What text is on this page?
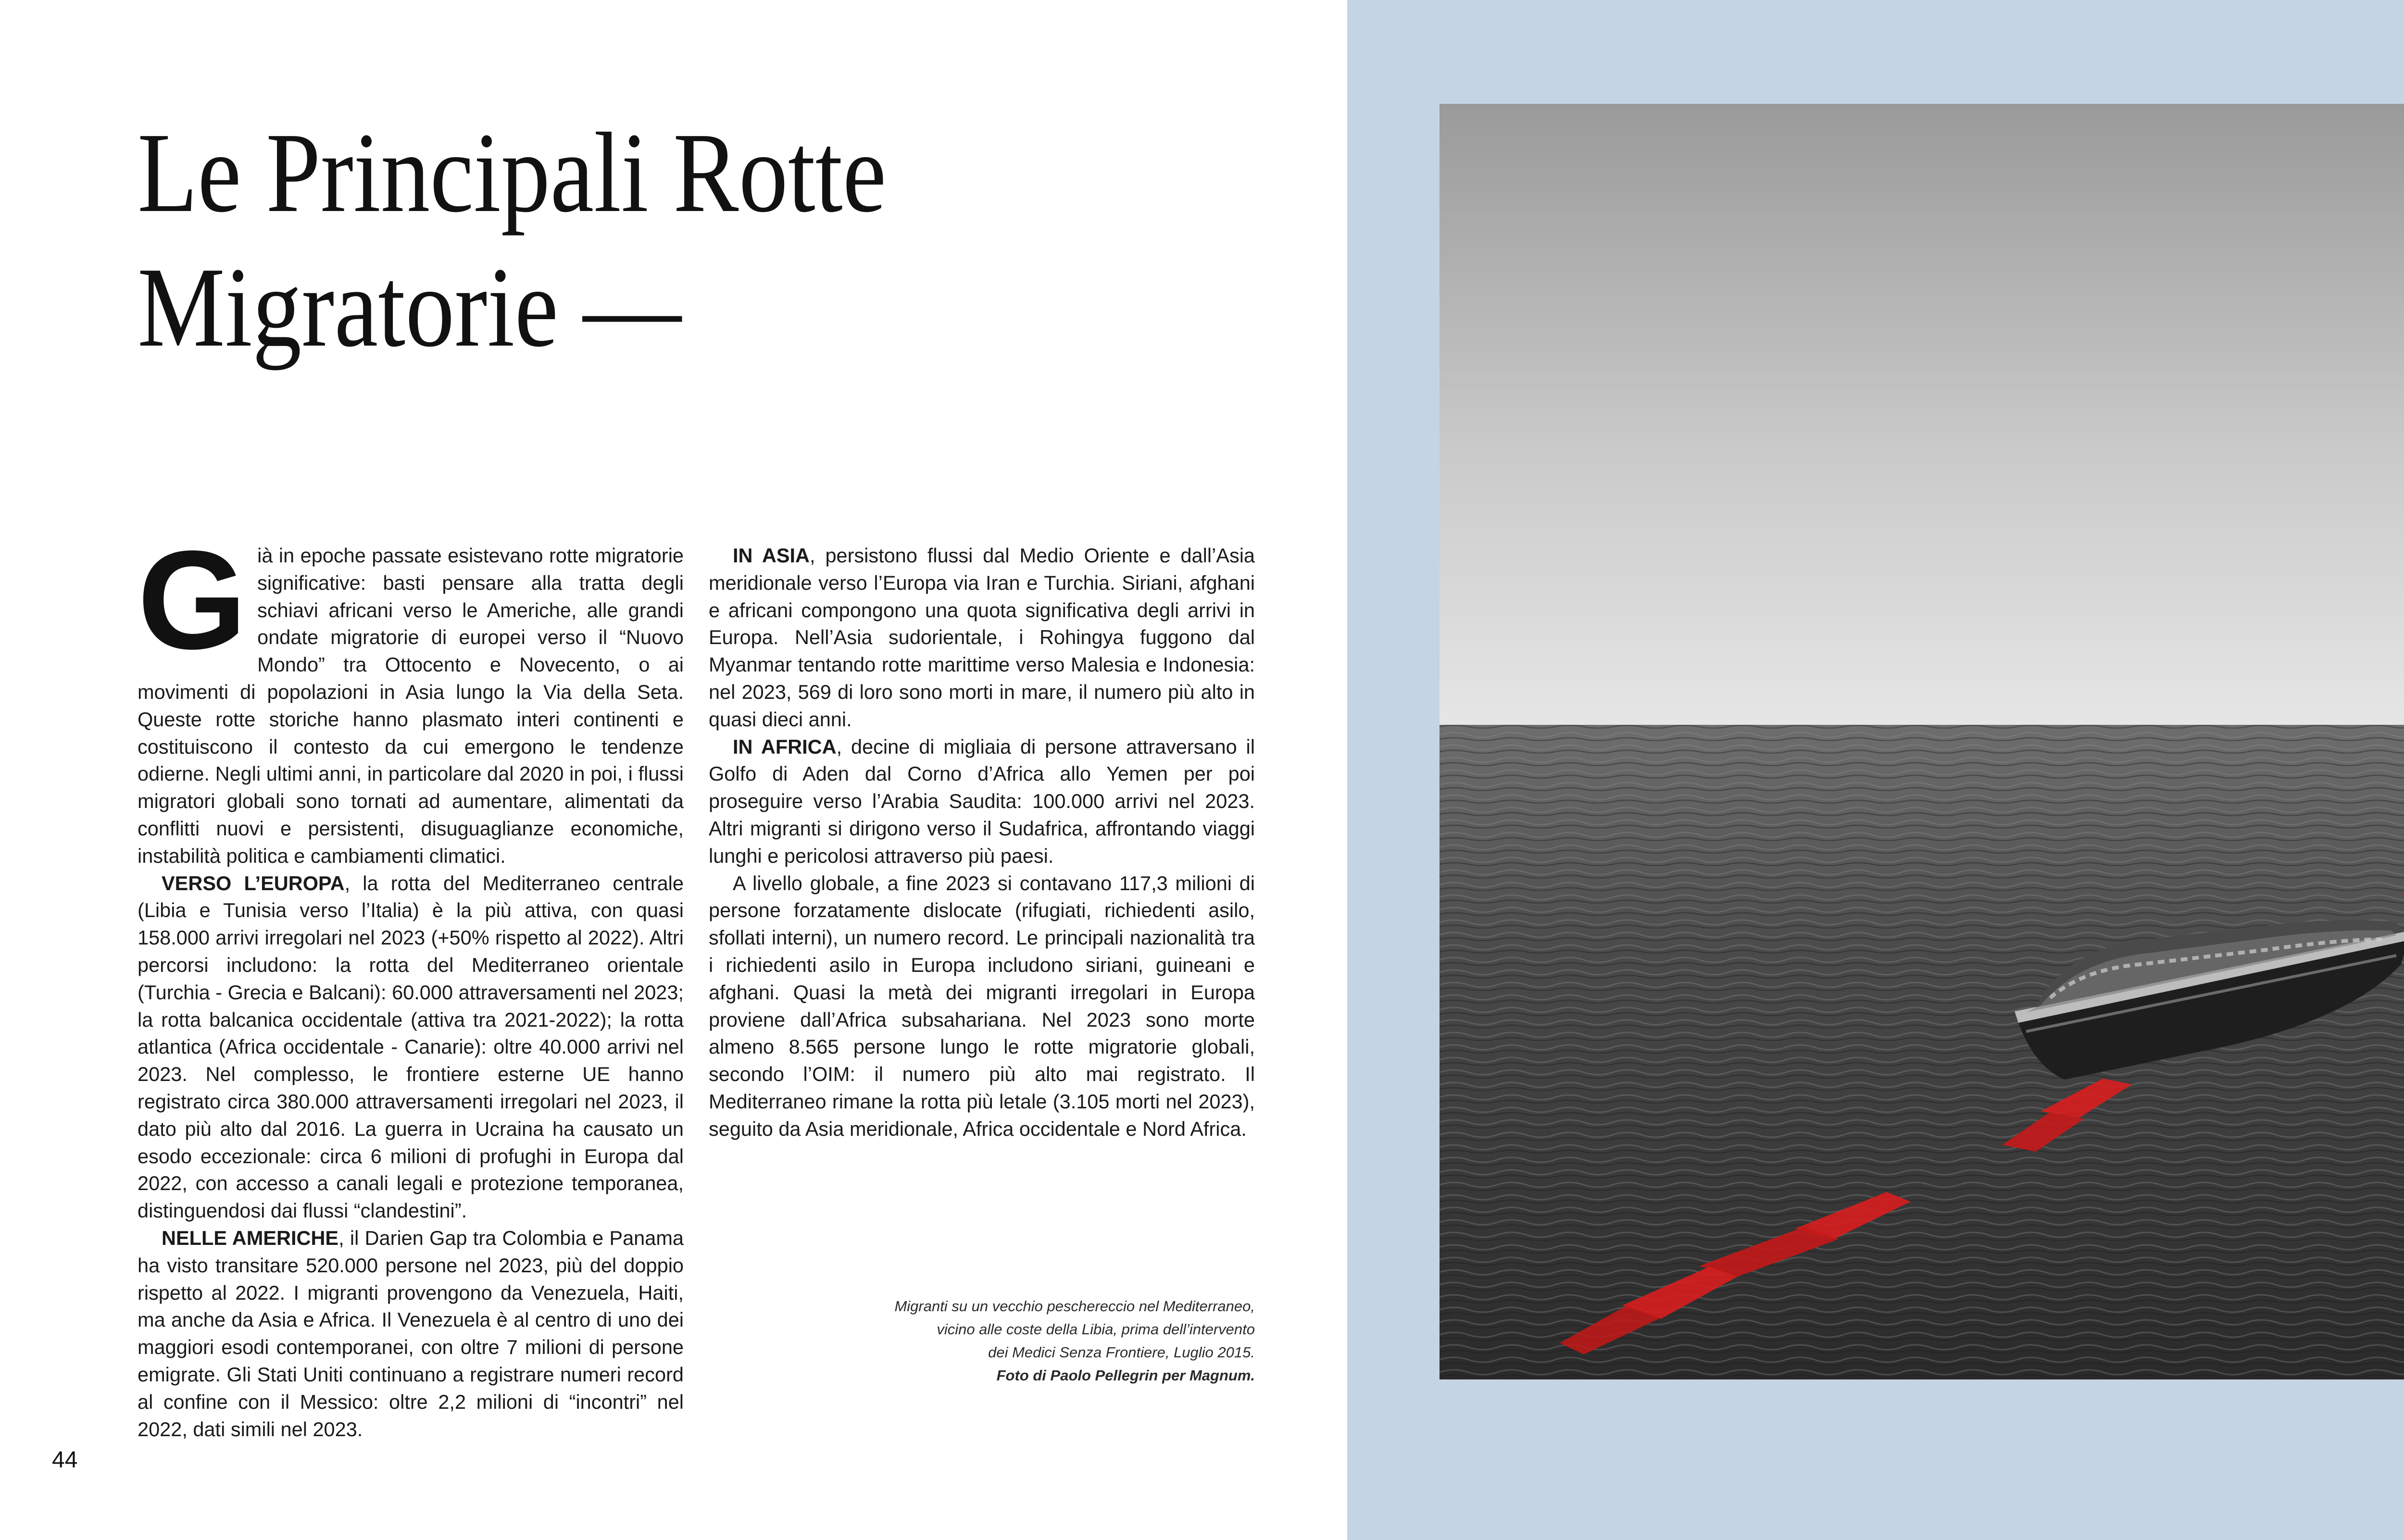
Le Principali Rotte
Migratorie —

Già in epoche passate esistevano rotte migratorie significative: basti pensare alla tratta degli schiavi africani verso le Americhe, alle grandi ondate migratorie di europei verso il “Nuovo Mondo” tra Ottocento e Novecento, o ai movimenti di popolazioni in Asia lungo la Via della Seta. Queste rotte storiche hanno plasmato interi continenti e costituiscono il contesto da cui emergono le tendenze odierne. Negli ultimi anni, in particolare dal 2020 in poi, i flussi migratori globali sono tornati ad aumentare, alimentati da conflitti nuovi e persistenti, disuguaglianze economiche, instabilità politica e cambiamenti climatici.

VERSO L’EUROPA, la rotta del Mediterraneo centrale (Libia e Tunisia verso l’Italia) è la più attiva, con quasi 158.000 arrivi irregolari nel 2023 (+50% rispetto al 2022). Altri percorsi includono: la rotta del Mediterraneo orientale (Turchia - Grecia e Balcani): 60.000 attraversamenti nel 2023; la rotta balcanica occidentale (attiva tra 2021-2022); la rotta atlantica (Africa occidentale - Canarie): oltre 40.000 arrivi nel 2023. Nel complesso, le frontiere esterne UE hanno registrato circa 380.000 attraversamenti irregolari nel 2023, il dato più alto dal 2016. La guerra in Ucraina ha causato un esodo eccezionale: circa 6 milioni di profughi in Europa dal 2022, con accesso a canali legali e protezione temporanea, distinguendosi dai flussi “clandestini”.

NELLE AMERICHE, il Darien Gap tra Colombia e Panama ha visto transitare 520.000 persone nel 2023, più del doppio rispetto al 2022. I migranti provengono da Venezuela, Haiti, ma anche da Asia e Africa. Il Venezuela è al centro di uno dei maggiori esodi contemporanei, con oltre 7 milioni di persone emigrate. Gli Stati Uniti continuano a registrare numeri record al confine con il Messico: oltre 2,2 milioni di “incontri” nel 2022, dati simili nel 2023.

IN ASIA, persistono flussi dal Medio Oriente e dall’Asia meridionale verso l’Europa via Iran e Turchia. Siriani, afghani e africani compongono una quota significativa degli arrivi in Europa. Nell’Asia sudorientale, i Rohingya fuggono dal Myanmar tentando rotte marittime verso Malesia e Indonesia: nel 2023, 569 di loro sono morti in mare, il numero più alto in quasi dieci anni.

IN AFRICA, decine di migliaia di persone attraversano il Golfo di Aden dal Corno d’Africa allo Yemen per poi proseguire verso l’Arabia Saudita: 100.000 arrivi nel 2023. Altri migranti si dirigono verso il Sudafrica, affrontando viaggi lunghi e pericolosi attraverso più paesi.

A livello globale, a fine 2023 si contavano 117,3 milioni di persone forzatamente dislocate (rifugiati, richiedenti asilo, sfollati interni), un numero record. Le principali nazionalità tra i richiedenti asilo in Europa includono siriani, guineani e afghani. Quasi la metà dei migranti irregolari in Europa proviene dall’Africa subsahariana. Nel 2023 sono morte almeno 8.565 persone lungo le rotte migratorie globali, secondo l’OIM: il numero più alto mai registrato. Il Mediterraneo rimane la rotta più letale (3.105 morti nel 2023), seguito da Asia meridionale, Africa occidentale e Nord Africa.

Migranti su un vecchio peschereccio nel Mediterraneo,
vicino alle coste della Libia, prima dell’intervento
dei Medici Senza Frontiere, Luglio 2015.
Foto di Paolo Pellegrin per Magnum.
44
